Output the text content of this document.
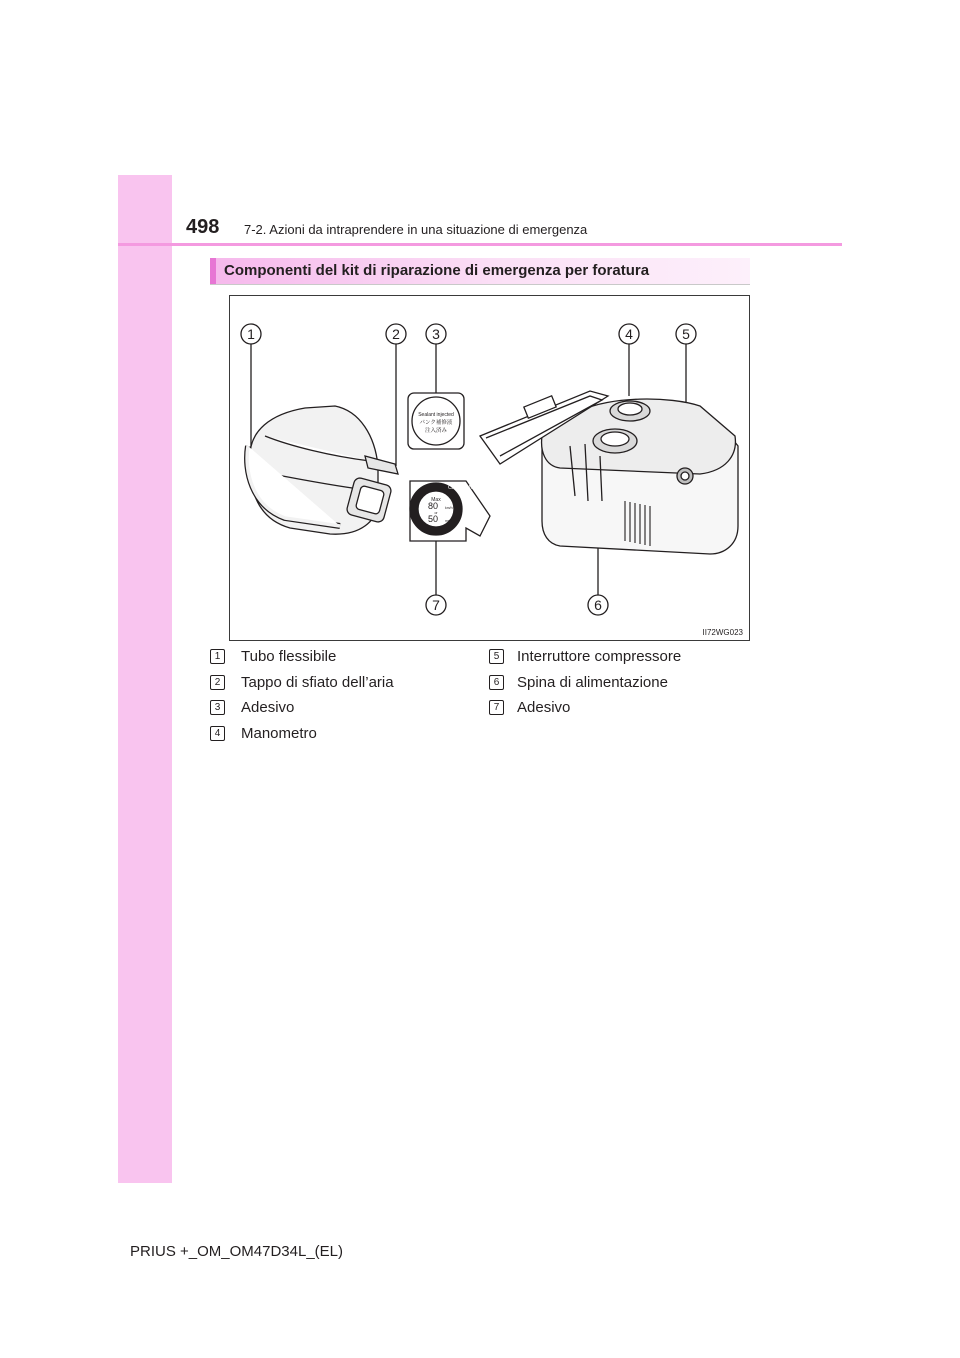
498 7-2. Azioni da intraprendere in una situazione di emergenza
Componenti del kit di riparazione di emergenza per foratura
1	2 3	4	5
6
7
Sealant injected
パンク補修液
注入済み
CAUTION
Max
80 km/h
or
50 mph
II72WG023
1	Tubo flessibile
2	Tappo di sfiato dell’aria
3	Adesivo
4	Manometro
5	Interruttore compressore
6	Spina di alimentazione
7	Adesivo
PRIUS +_OM_OM47D34L_(EL)
